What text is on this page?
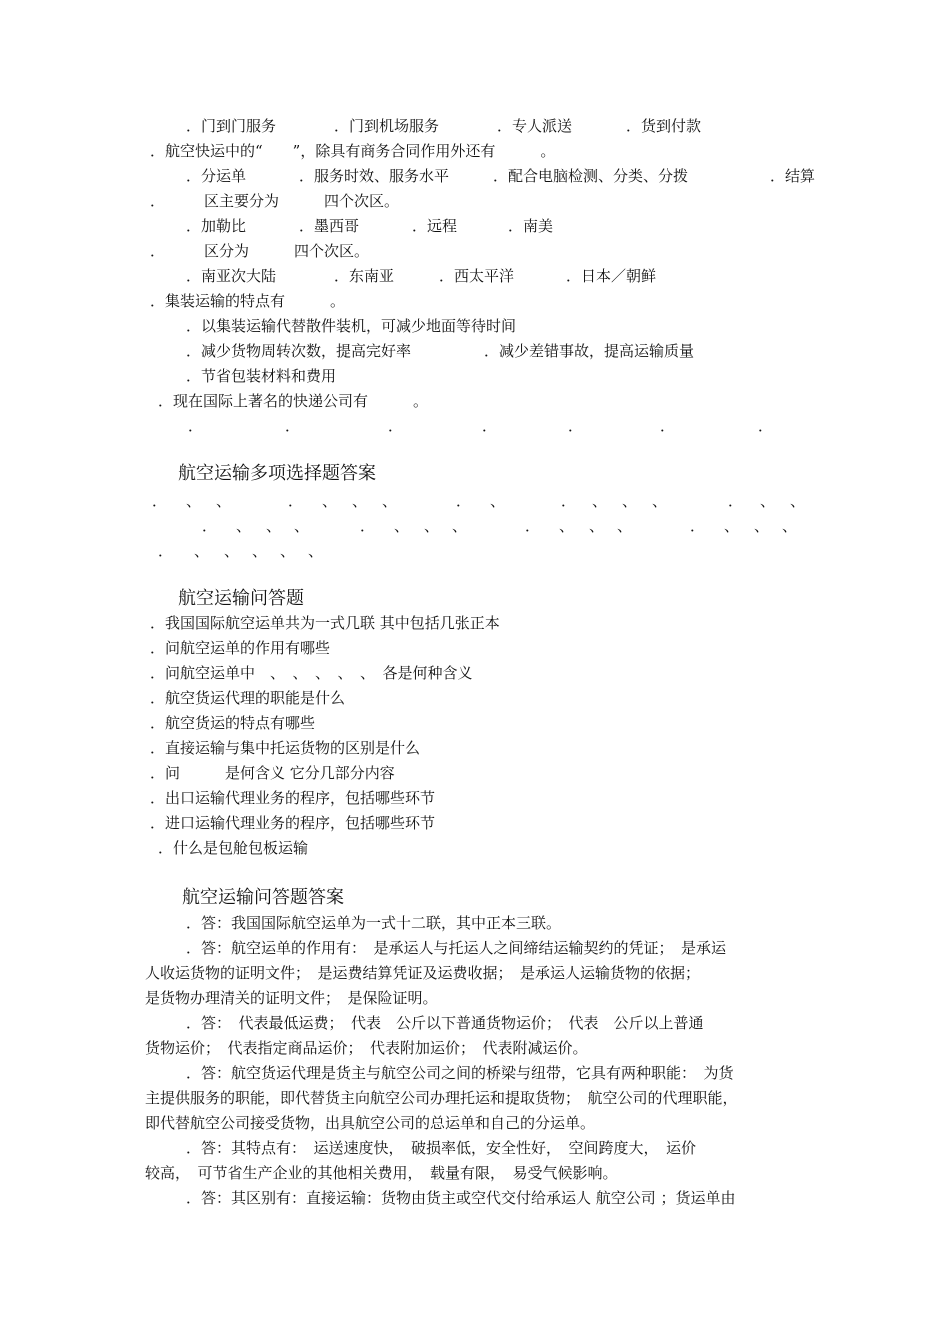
．门到门服务	．门到机场服务	．专人派送	．货到付款
．航空快运中的“　　”，除具有商务合同作用外还有　　　。
．分运单	．服务时效、服务水平	．配合电脑检测、分类、分拨	．结算
．	区主要分为　　　四个次区。
．加勒比	．墨西哥	．远程	．南美
．	区分为　　　四个次区。
．南亚次大陆	．东南亚	．西太平洋	．日本／朝鲜
．集装运输的特点有　　　。
．以集装运输代替散件装机，可减少地面等待时间
．减少货物周转次数，提高完好率	．减少差错事故，提高运输质量
．节省包装材料和费用
．现在国际上著名的快递公司有　　　。
．	．	．	．	．	．	．
航空运输多项选择题答案
． 、 、	． 、 、 、	． 、	． 、 、 、	． 、 、
． 、 、 、	． 、 、 、	． 、 、 、	． 、 、 、
． 、 、 、 、 、
航空运输问答题
．我国国际航空运单共为一式几联 其中包括几张正本
．问航空运单的作用有哪些
．问航空运单中　、　、　、　、　、　各是何种含义
．航空货运代理的职能是什么
．航空货运的特点有哪些
．直接运输与集中托运货物的区别是什么
．问　　　是何含义 它分几部分内容
．出口运输代理业务的程序，包括哪些环节
．进口运输代理业务的程序，包括哪些环节
．什么是包舱包板运输
航空运输问答题答案
．答：我国国际航空运单为一式十二联，其中正本三联。
．答：航空运单的作用有：　是承运人与托运人之间缔结运输契约的凭证；　是承运
人收运货物的证明文件；　是运费结算凭证及运费收据；　是承运人运输货物的依据；
是货物办理清关的证明文件；　是保险证明。
．答：　代表最低运费；　代表　公斤以下普通货物运价；　代表　公斤以上普通
货物运价；　代表指定商品运价；　代表附加运价；　代表附减运价。
．答：航空货运代理是货主与航空公司之间的桥梁与纽带，它具有两种职能：　为货
主提供服务的职能，即代替货主向航空公司办理托运和提取货物；　航空公司的代理职能，
即代替航空公司接受货物，出具航空公司的总运单和自己的分运单。
．答：其特点有：　运送速度快，　破损率低，安全性好，　空间跨度大，　运价
较高，　可节省生产企业的其他相关费用，　载量有限，　易受气候影响。
．答：其区别有：直接运输：货物由货主或空代交付给承运人 航空公司 ；货运单由
